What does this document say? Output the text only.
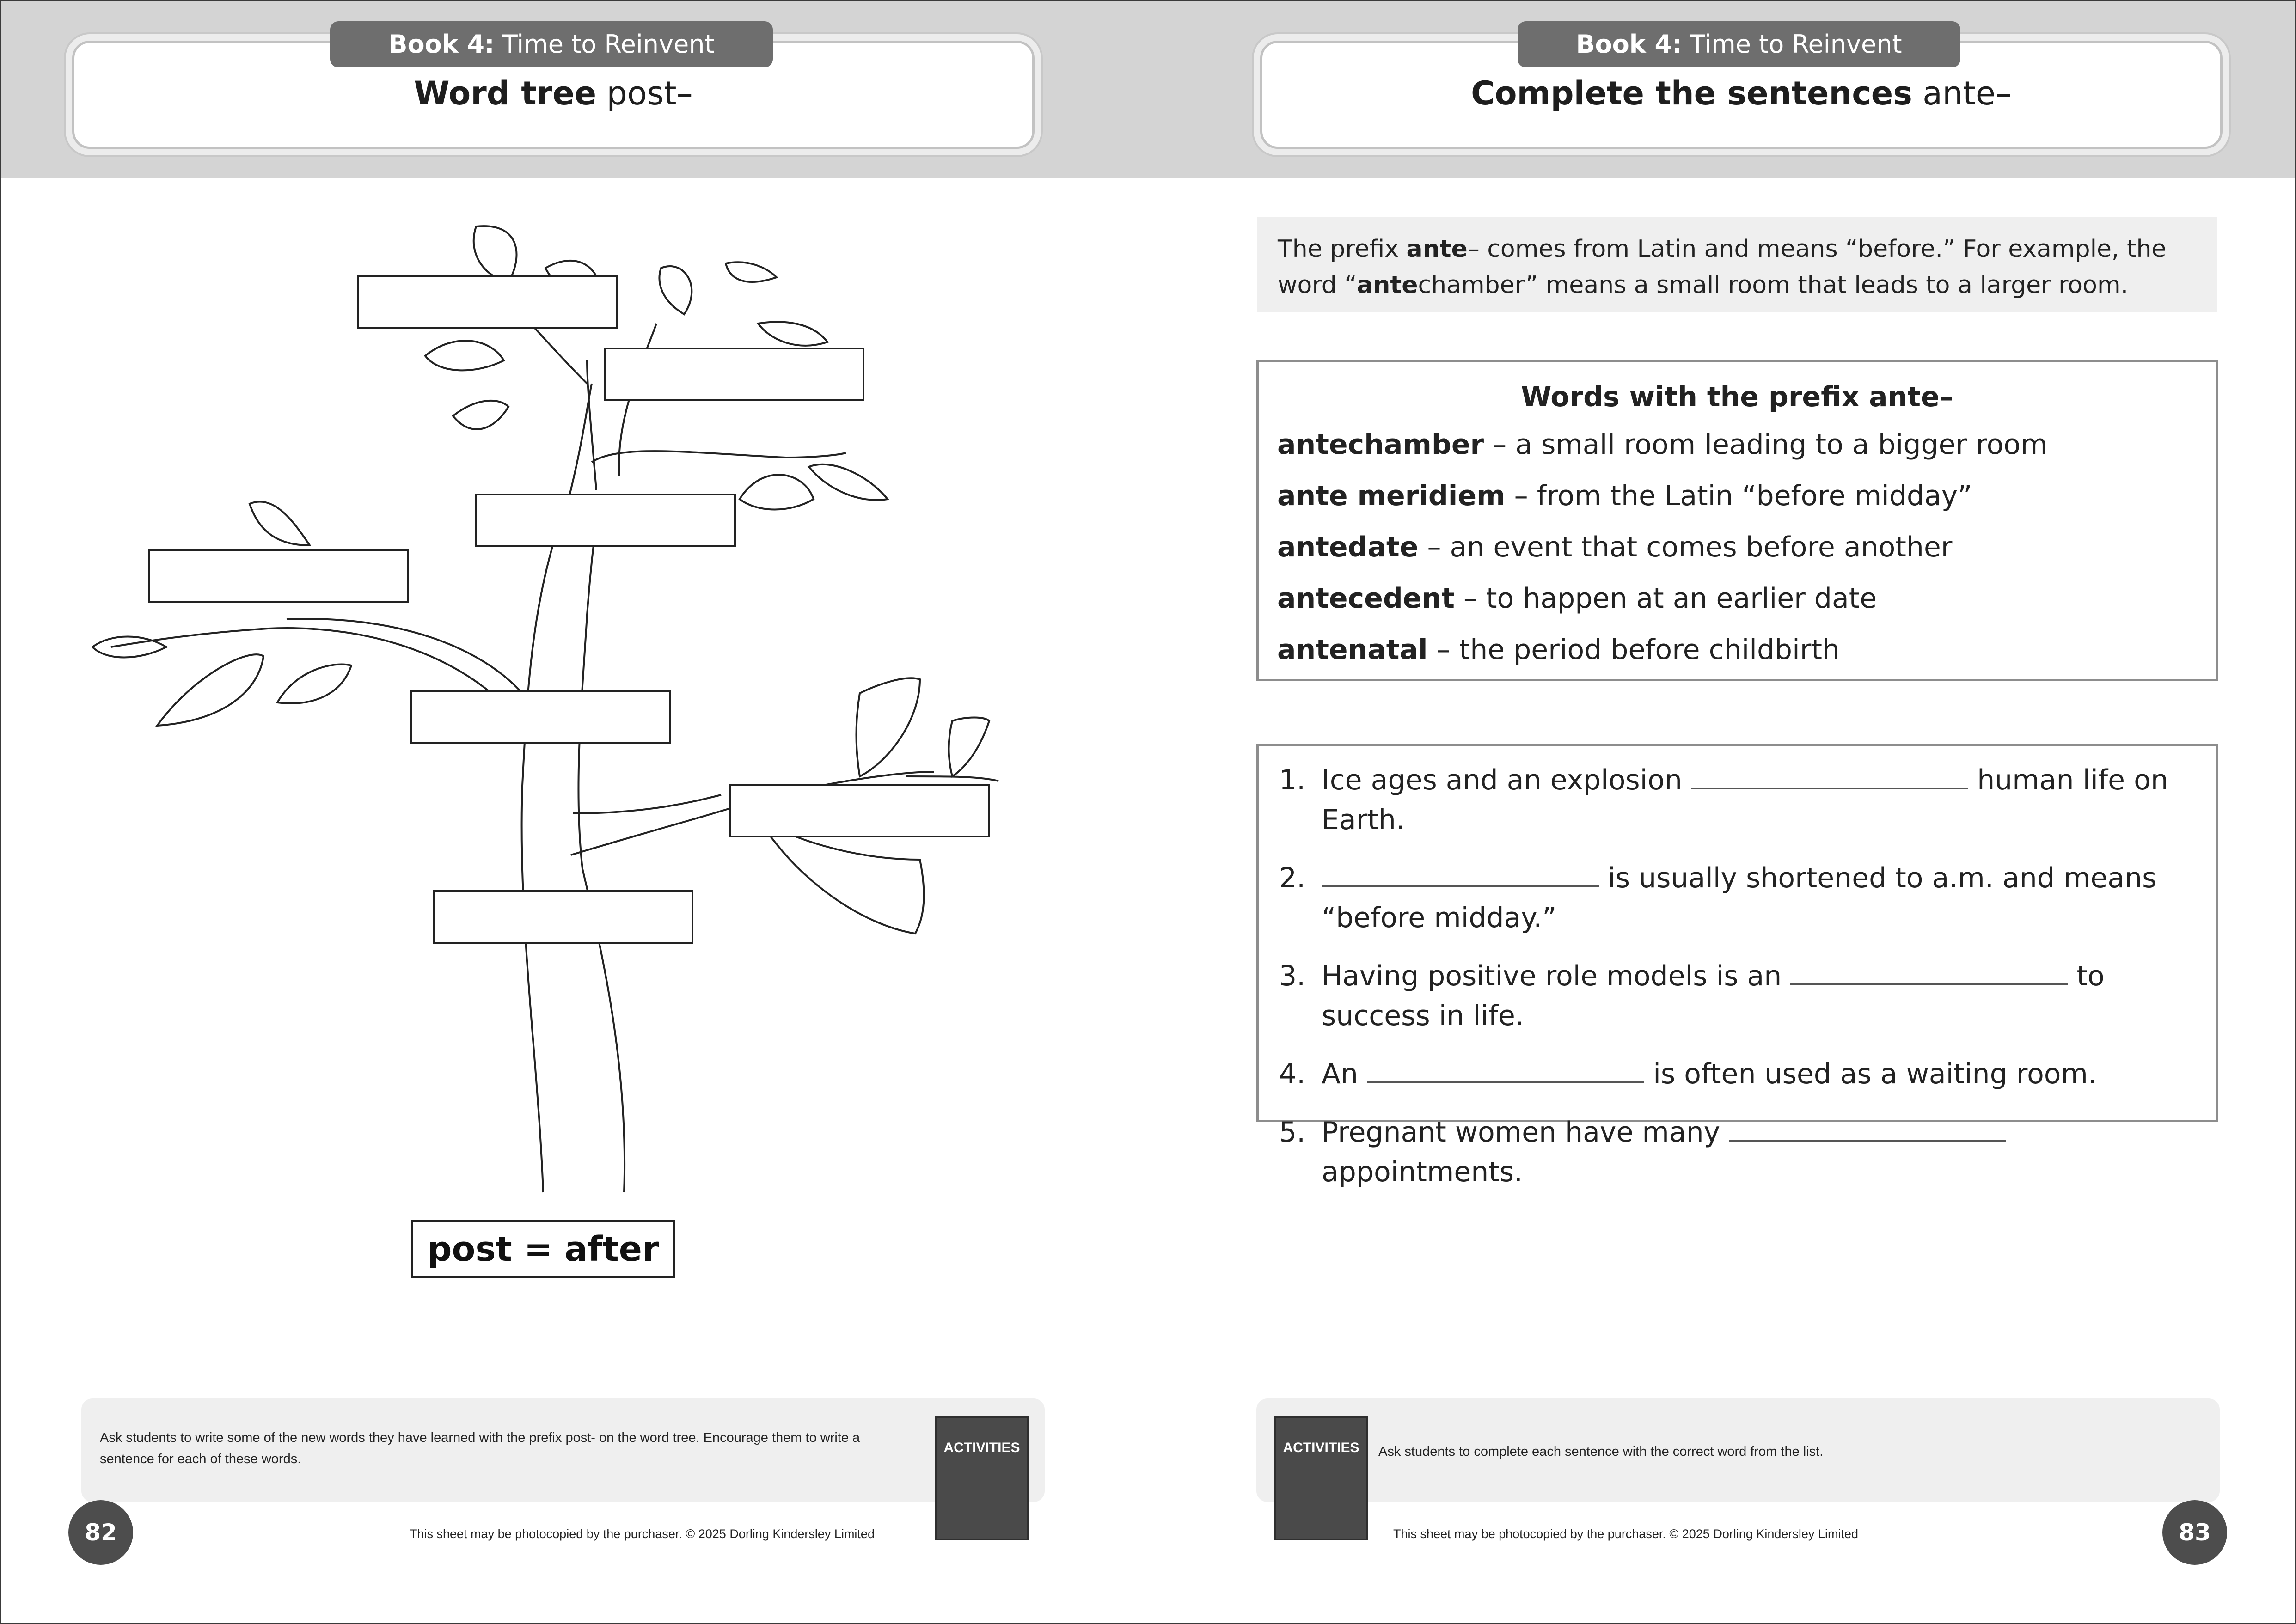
Book 4: Time to Reinvent
Word tree post–
Book 4: Time to Reinvent
Complete the sentences ante–
post = after
The prefix ante– comes from Latin and means “before.” For example, the word “antechamber” means a small room that leads to a larger room.
Words with the prefix ante–
antechamber – a small room leading to a bigger room
ante meridiem – from the Latin “before midday”
antedate – an event that comes before another
antecedent – to happen at an earlier date
antenatal – the period before childbirth
1. Ice ages and an explosion	human life on Earth.
2.	is usually shortened to a.m. and means “before midday.”
3. Having positive role models is an	to success in life.
4. An	is often used as a waiting room.
5. Pregnant women have many  appointments.
Ask students to write some of the new words they have learned with the prefix post- on the word tree. Encourage them to write a sentence for each of these words.
ACTIVITIES
82	This sheet may be photocopied by the purchaser. © 2025 Dorling Kindersley Limited
Ask students to complete each sentence with the correct word from the list.
ACTIVITIES
83
This sheet may be photocopied by the purchaser. © 2025 Dorling Kindersley Limited
